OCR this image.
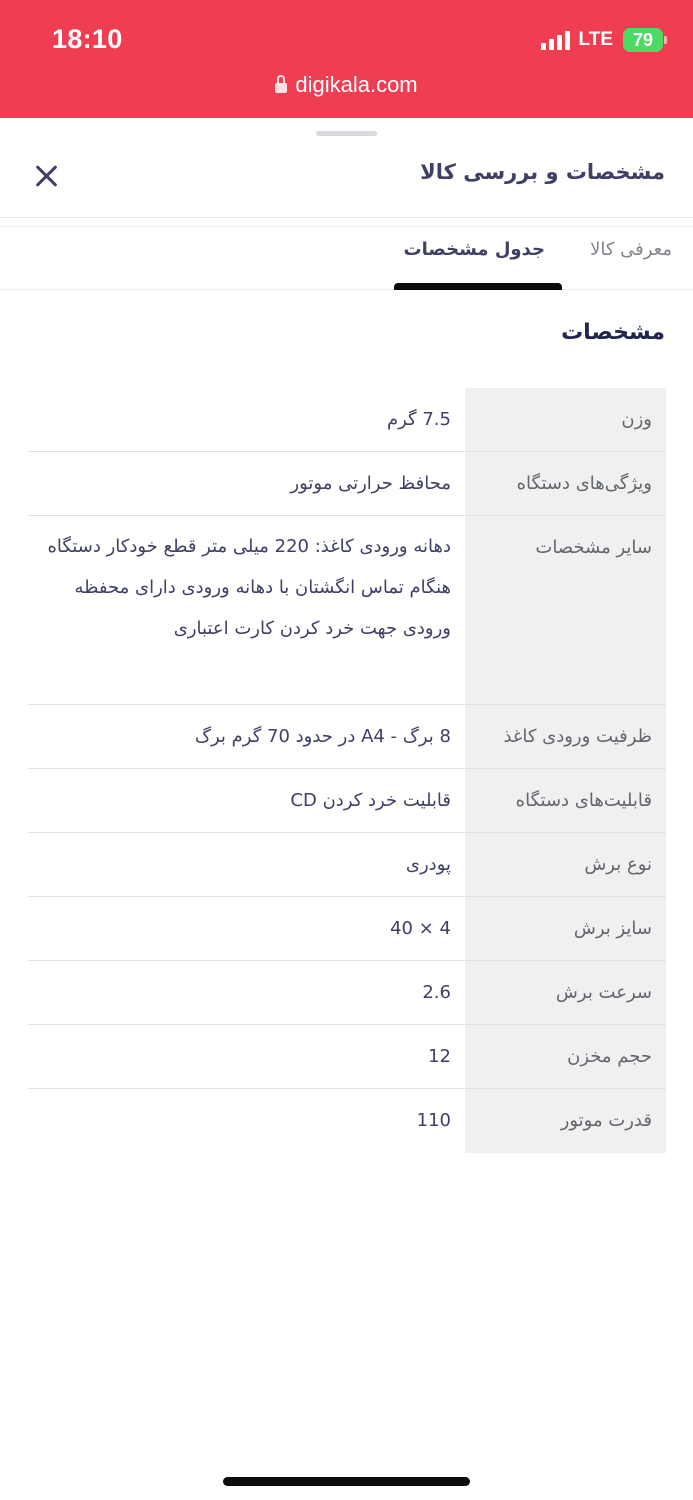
18:10	LTE 79
digikala.com
مشخصات و بررسی کالا
معرفی کالا
جدول مشخصات
مشخصات
وزن
7.5 گرم
ویژگی‌های دستگاه
محافظ حرارتی موتور
سایر مشخصات
دهانه ورودی کاغذ: 220 میلی متر قطع خودکار دستگاه هنگام تماس انگشتان با دهانه ورودی دارای محفظه ورودی جهت خرد کردن کارت اعتباری
ظرفیت ورودی کاغذ
8 برگ - A4 در حدود 70 گرم برگ
قابلیت‌های دستگاه
قابلیت خرد کردن CD
نوع برش
پودری
سایز برش
4 × 40
سرعت برش
2.6
حجم مخزن
12
قدرت موتور
110
